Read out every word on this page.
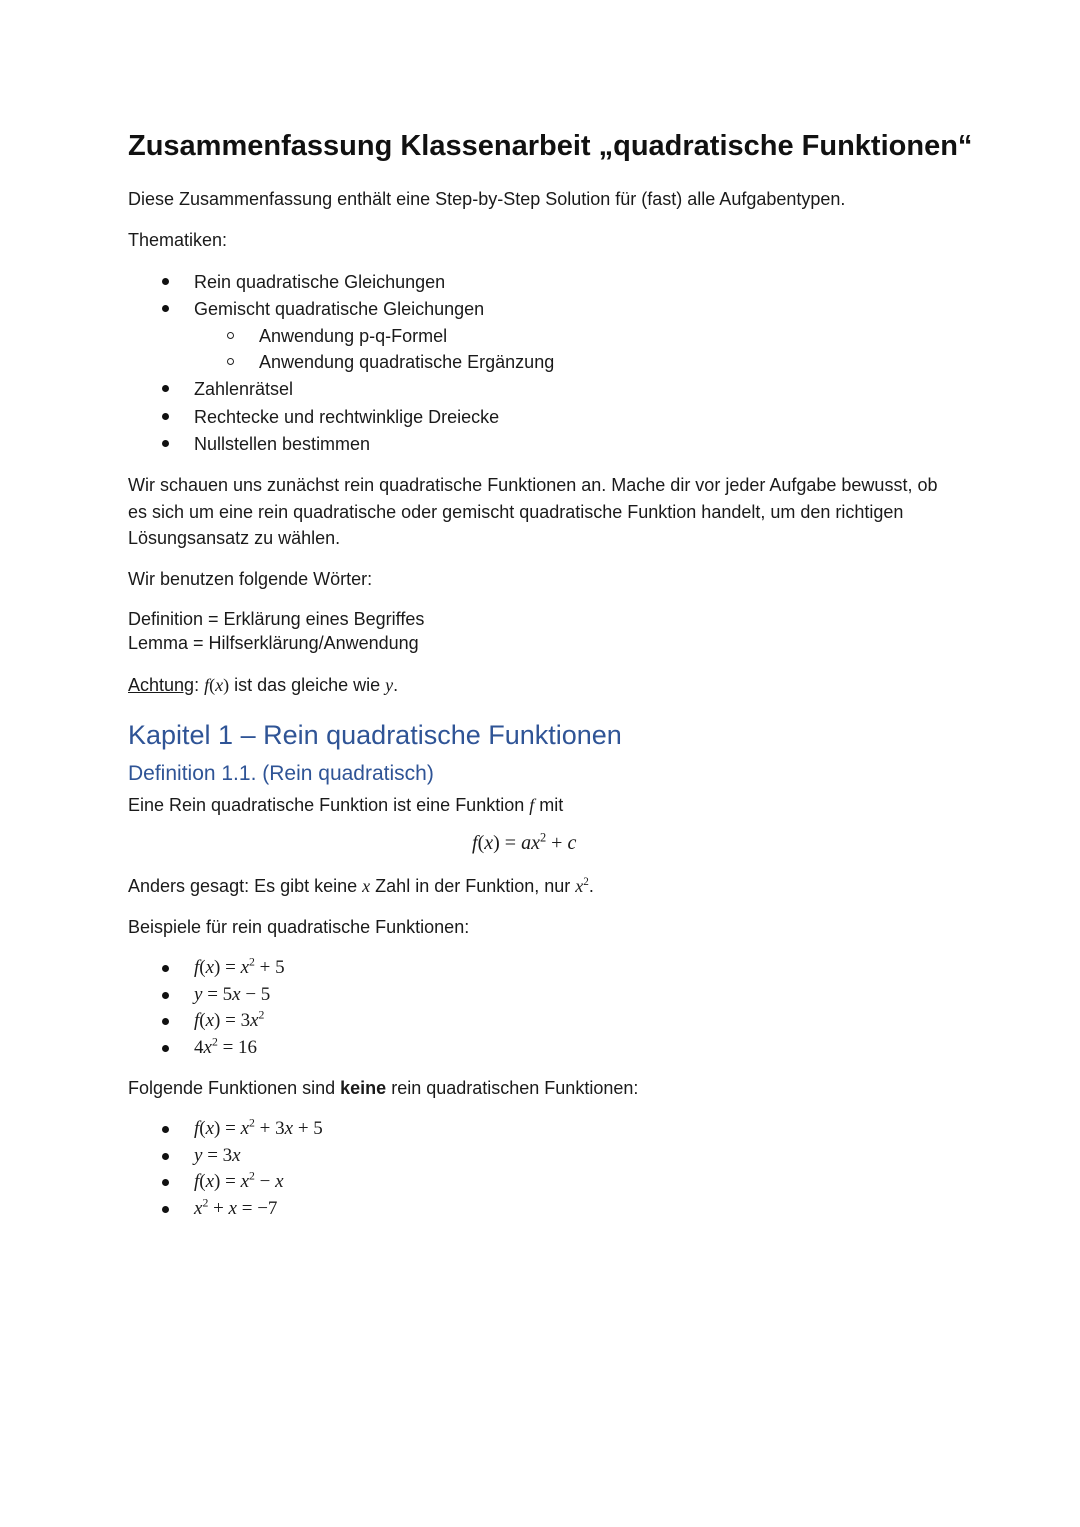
Zusammenfassung Klassenarbeit „quadratische Funktionen“
Diese Zusammenfassung enthält eine Step-by-Step Solution für (fast) alle Aufgabentypen.
Thematiken:
Rein quadratische Gleichungen
Gemischt quadratische Gleichungen
Anwendung p-q-Formel
Anwendung quadratische Ergänzung
Zahlenrätsel
Rechtecke und rechtwinklige Dreiecke
Nullstellen bestimmen
Wir schauen uns zunächst rein quadratische Funktionen an. Mache dir vor jeder Aufgabe bewusst, ob es sich um eine rein quadratische oder gemischt quadratische Funktion handelt, um den richtigen Lösungsansatz zu wählen.
Wir benutzen folgende Wörter:
Definition = Erklärung eines Begriffes
Lemma = Hilfserklärung/Anwendung
Achtung: f(x) ist das gleiche wie y.
Kapitel 1 – Rein quadratische Funktionen
Definition 1.1. (Rein quadratisch)
Eine Rein quadratische Funktion ist eine Funktion f mit
$f(x) = ax^2 + c$
Anders gesagt: Es gibt keine x Zahl in der Funktion, nur $x^2$.
Beispiele für rein quadratische Funktionen:
$f(x) = x^2 + 5$
y = 5x − 5
$f(x) = 3x^2$
$4x^2 = 16$
Folgende Funktionen sind keine rein quadratischen Funktionen:
$f(x) = x^2 + 3x + 5$
y = 3x
$f(x) = x^2 - x$
$x^2 + x = -7$
